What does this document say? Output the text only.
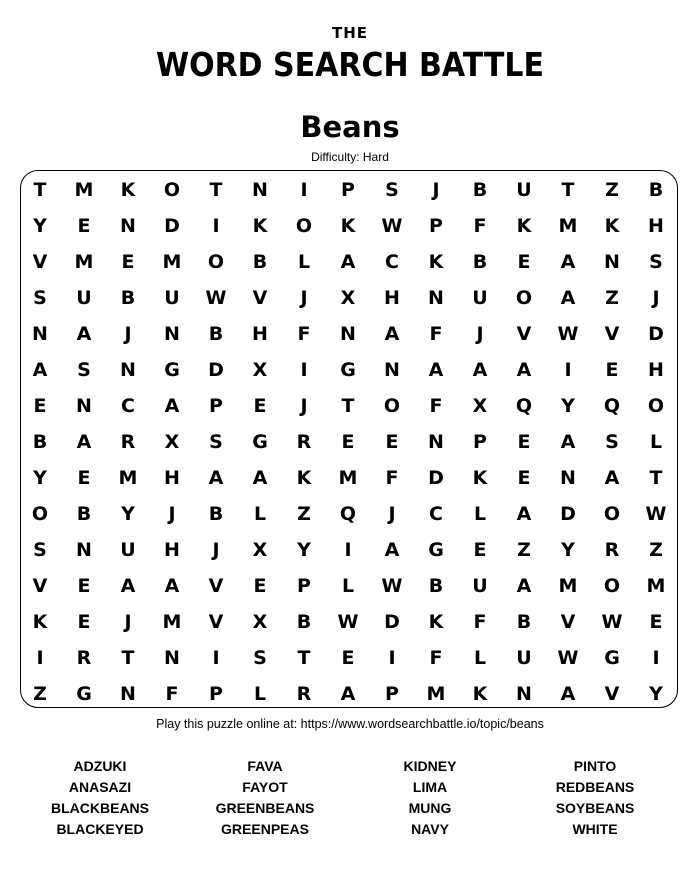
THE
WORD SEARCH BATTLE
Beans
Difficulty: Hard
T	M	K	O	T	N	I	P	S	J	B	U	T	Z	B
Y	E	N	D	I	K	O	K	W	P	F	K	M	K	H
V	M	E	M	O	B	L	A	C	K	B	E	A	N	S
S	U	B	U	W	V	J	X	H	N	U	O	A	Z	J
N	A	J	N	B	H	F	N	A	F	J	V	W	V	D
A	S	N	G	D	X	I	G	N	A	A	A	I	E	H
E	N	C	A	P	E	J	T	O	F	X	Q	Y	Q	O
B	A	R	X	S	G	R	E	E	N	P	E	A	S	L
Y	E	M	H	A	A	K	M	F	D	K	E	N	A	T
O	B	Y	J	B	L	Z	Q	J	C	L	A	D	O	W
S	N	U	H	J	X	Y	I	A	G	E	Z	Y	R	Z
V	E	A	A	V	E	P	L	W	B	U	A	M	O	M
K	E	J	M	V	X	B	W	D	K	F	B	V	W	E
I	R	T	N	I	S	T	E	I	F	L	U	W	G	I
Z	G	N	F	P	L	R	A	P	M	K	N	A	V	Y
Play this puzzle online at: https://www.wordsearchbattle.io/topic/beans
ADZUKI
ANASAZI
BLACKBEANS
BLACKEYED
FAVA
FAYOT
GREENBEANS
GREENPEAS
KIDNEY
LIMA
MUNG
NAVY
PINTO
REDBEANS
SOYBEANS
WHITE
